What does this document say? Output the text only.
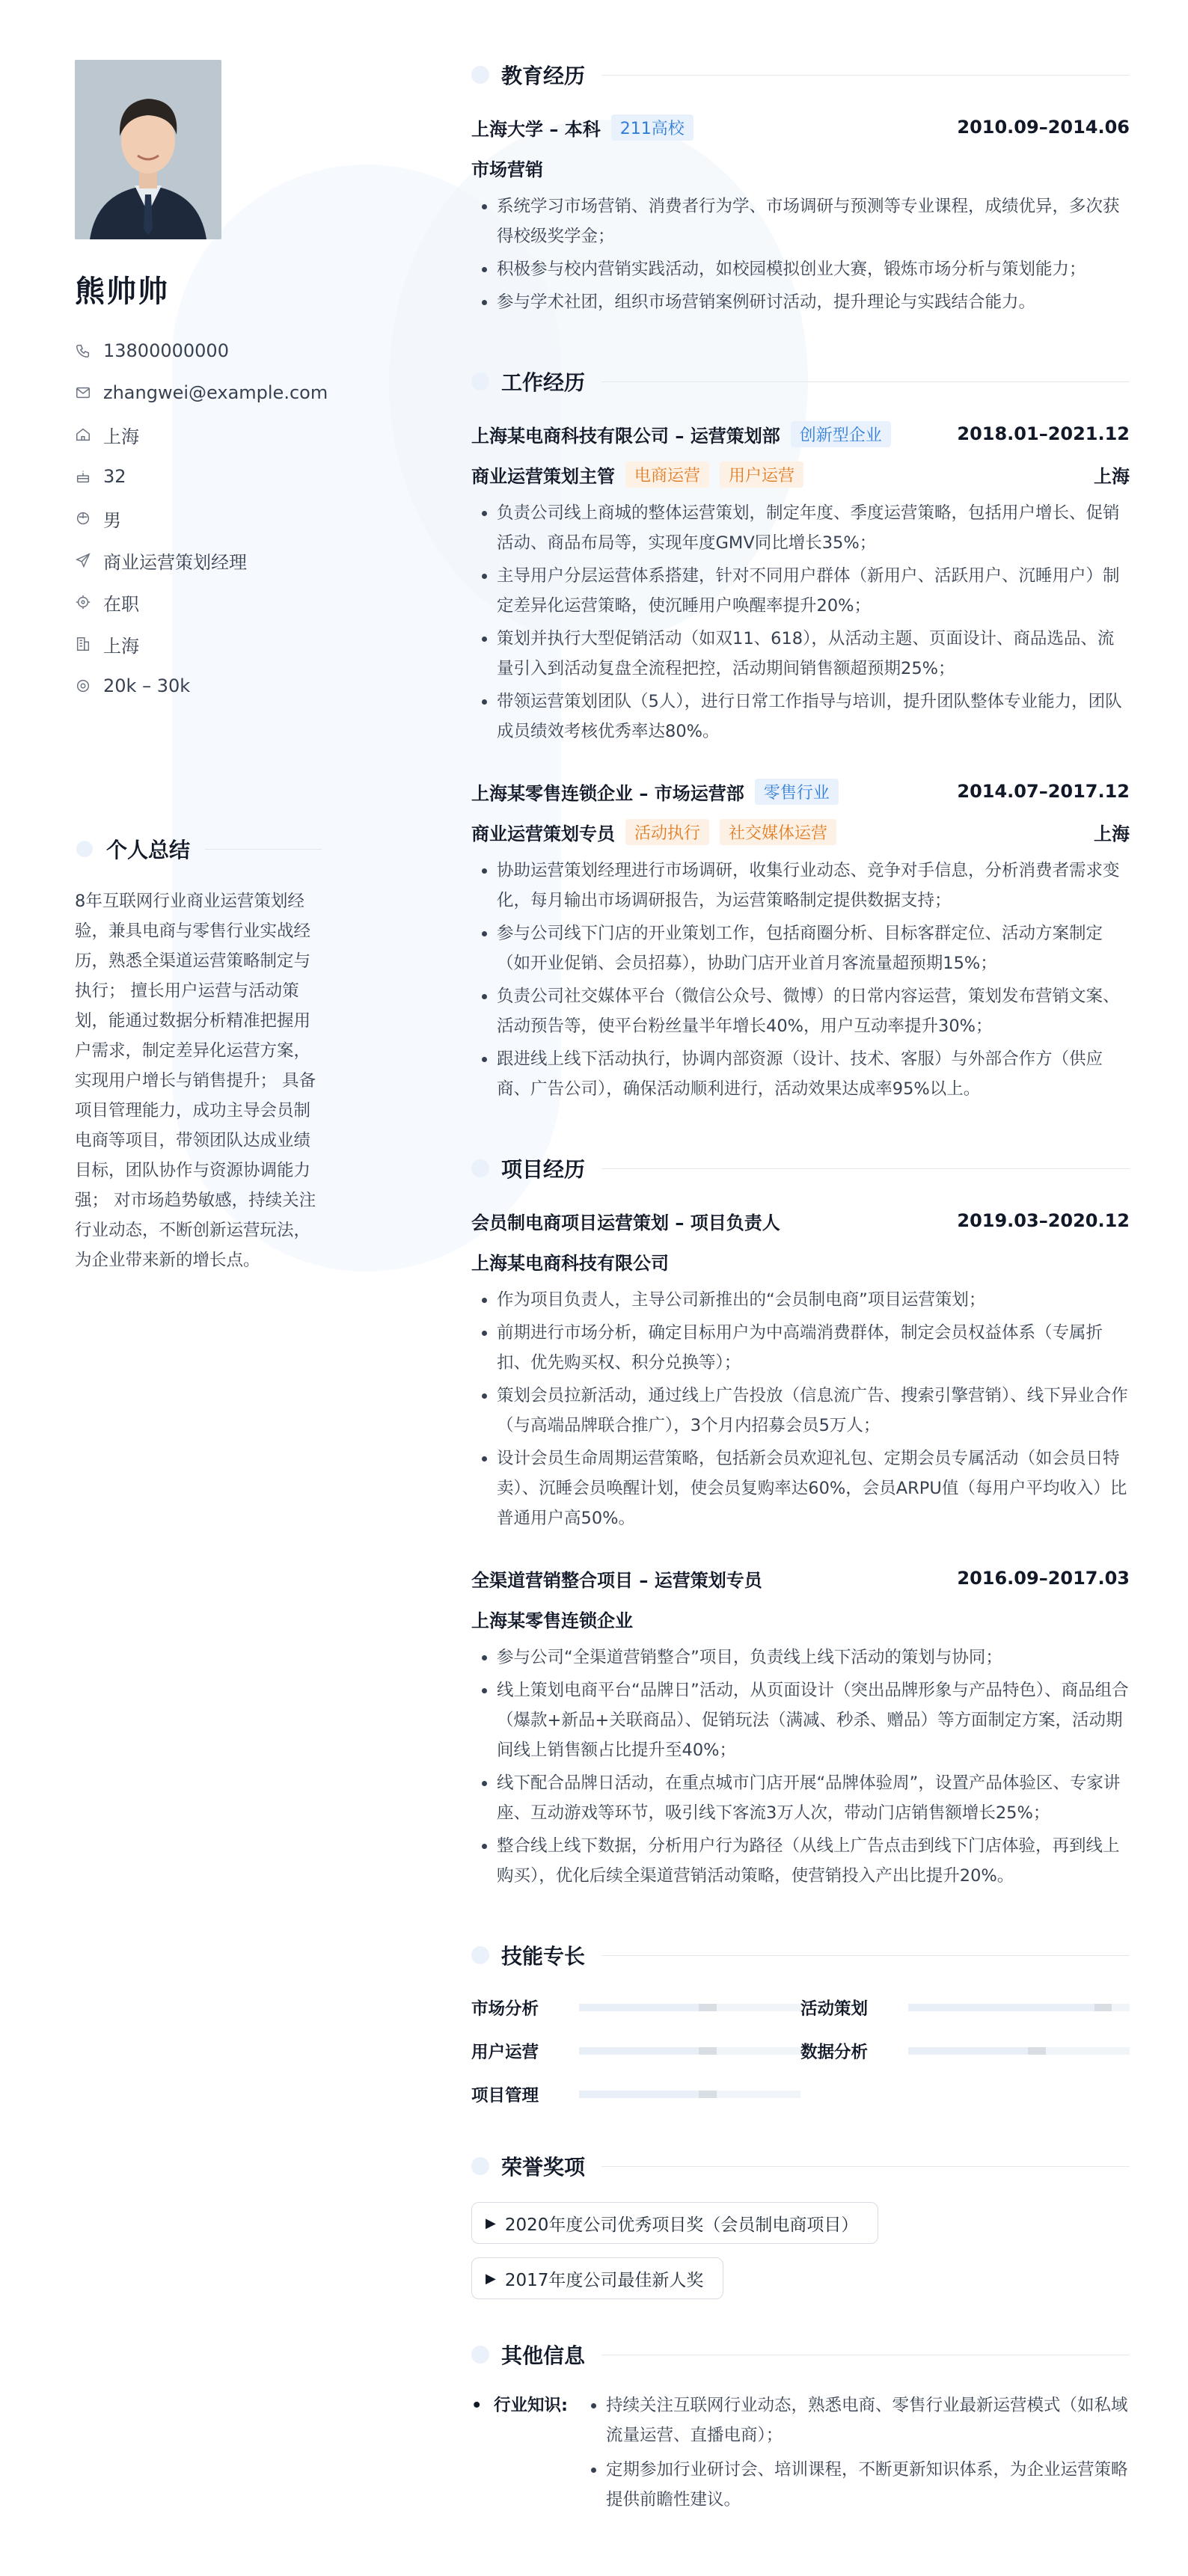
熊帅帅
13800000000
zhangwei@example.com
上海
32
男
商业运营策划经理
在职
上海
20k – 30k
个人总结
8年互联网行业商业运营策划经验，兼具电商与零售行业实战经历，熟悉全渠道运营策略制定与执行； 擅长用户运营与活动策划，能通过数据分析精准把握用户需求，制定差异化运营方案，实现用户增长与销售提升； 具备项目管理能力，成功主导会员制电商等项目，带领团队达成业绩目标，团队协作与资源协调能力强； 对市场趋势敏感，持续关注行业动态，不断创新运营玩法，为企业带来新的增长点。
教育经历
上海大学 – 本科	211高校	2010.09–2014.06
市场营销
• 系统学习市场营销、消费者行为学、市场调研与预测等专业课程，成绩优异，多次获得校级奖学金；
• 积极参与校内营销实践活动，如校园模拟创业大赛，锻炼市场分析与策划能力；
• 参与学术社团，组织市场营销案例研讨活动，提升理论与实践结合能力。
工作经历
上海某电商科技有限公司 – 运营策划部	创新型企业	2018.01–2021.12
商业运营策划主管	电商运营	用户运营	上海
• 负责公司线上商城的整体运营策划，制定年度、季度运营策略，包括用户增长、促销活动、商品布局等，实现年度GMV同比增长35%；
• 主导用户分层运营体系搭建，针对不同用户群体（新用户、活跃用户、沉睡用户）制定差异化运营策略，使沉睡用户唤醒率提升20%；
• 策划并执行大型促销活动（如双11、618），从活动主题、页面设计、商品选品、流量引入到活动复盘全流程把控，活动期间销售额超预期25%；
• 带领运营策划团队（5人），进行日常工作指导与培训，提升团队整体专业能力，团队成员绩效考核优秀率达80%。
上海某零售连锁企业 – 市场运营部	零售行业	2014.07–2017.12
商业运营策划专员	活动执行	社交媒体运营	上海
• 协助运营策划经理进行市场调研，收集行业动态、竞争对手信息，分析消费者需求变化，每月输出市场调研报告，为运营策略制定提供数据支持；
• 参与公司线下门店的开业策划工作，包括商圈分析、目标客群定位、活动方案制定（如开业促销、会员招募），协助门店开业首月客流量超预期15%；
• 负责公司社交媒体平台（微信公众号、微博）的日常内容运营，策划发布营销文案、活动预告等，使平台粉丝量半年增长40%，用户互动率提升30%；
• 跟进线上线下活动执行，协调内部资源（设计、技术、客服）与外部合作方（供应商、广告公司），确保活动顺利进行，活动效果达成率95%以上。
项目经历
会员制电商项目运营策划 – 项目负责人	2019.03–2020.12
上海某电商科技有限公司
• 作为项目负责人，主导公司新推出的“会员制电商”项目运营策划；
• 前期进行市场分析，确定目标用户为中高端消费群体，制定会员权益体系（专属折扣、优先购买权、积分兑换等）；
• 策划会员拉新活动，通过线上广告投放（信息流广告、搜索引擎营销）、线下异业合作（与高端品牌联合推广），3个月内招募会员5万人；
• 设计会员生命周期运营策略，包括新会员欢迎礼包、定期会员专属活动（如会员日特卖）、沉睡会员唤醒计划，使会员复购率达60%，会员ARPU值（每用户平均收入）比普通用户高50%。
全渠道营销整合项目 – 运营策划专员	2016.09–2017.03
上海某零售连锁企业
• 参与公司“全渠道营销整合”项目，负责线上线下活动的策划与协同；
• 线上策划电商平台“品牌日”活动，从页面设计（突出品牌形象与产品特色）、商品组合（爆款+新品+关联商品）、促销玩法（满减、秒杀、赠品）等方面制定方案，活动期间线上销售额占比提升至40%；
• 线下配合品牌日活动，在重点城市门店开展“品牌体验周”，设置产品体验区、专家讲座、互动游戏等环节，吸引线下客流3万人次，带动门店销售额增长25%；
• 整合线上线下数据，分析用户行为路径（从线上广告点击到线下门店体验，再到线上购买），优化后续全渠道营销活动策略，使营销投入产出比提升20%。
技能专长
市场分析	活动策划
用户运营	数据分析
项目管理
荣誉奖项
▶ 2020年度公司优秀项目奖（会员制电商项目）
▶ 2017年度公司最佳新人奖
其他信息
• 行业知识:
• 持续关注互联网行业动态，熟悉电商、零售行业最新运营模式（如私域流量运营、直播电商）；
• 定期参加行业研讨会、培训课程，不断更新知识体系，为企业运营策略提供前瞻性建议。
